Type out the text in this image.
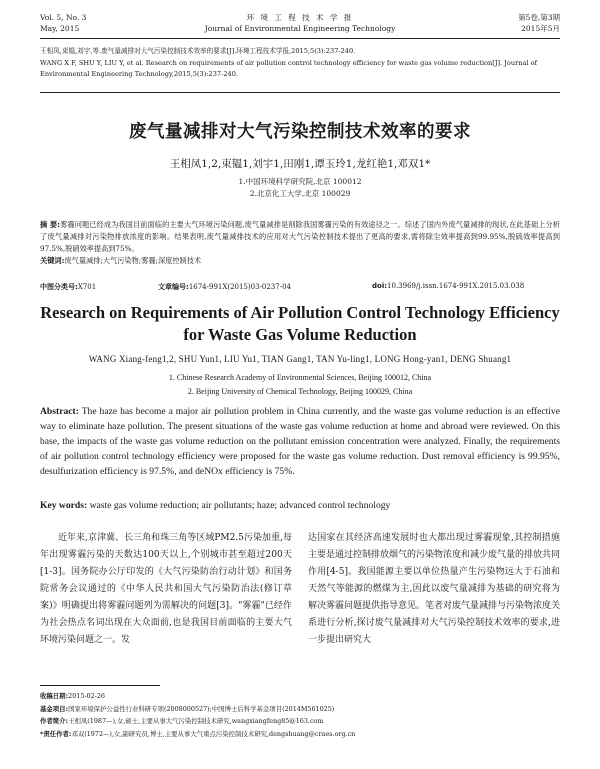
Vol. 5, No. 3
May, 2015
环 境 工 程 技 术 学 报
Journal of Environmental Engineering Technology
第5卷,第3期
2015年5月
王相凤,束韫,刘宇,等.废气量减排对大气污染控制技术效率的要求[J].环境工程技术学报,2015,5(3):237-240.
WANG X F, SHU Y, LIU Y, et al. Research on requirements of air pollution control technology efficiency for waste gas volume reduction[J]. Journal of Environmental Engineering Technology,2015,5(3):237-240.
废气量减排对大气污染控制技术效率的要求
王相凤1,2,束韫1,刘宇1,田刚1,谭玉玲1,龙红艳1,邓双1*
1.中国环境科学研究院,北京 100012
2.北京化工大学,北京 100029
摘 要:雾霾问题已经成为我国目前面临的主要大气环境污染问题,废气量减排是削除我国雾霾污染的有效途径之一。综述了国内外废气量减排的现状,在此基础上分析了废气量减排对污染物排放浓度的影响。结果表明,废气量减排技术的应用对大气污染控制技术提出了更高的要求,需将除尘效率提高到99.95%,脱硫效率提高到97.5%,脱硝效率提高到75%。
关键词:废气量减排;大气污染物;雾霾;深度控制技术
中图分类号:X701	文章编号:1674-991X(2015)03-0237-04	doi:10.3969/j.issn.1674-991X.2015.03.038
Research on Requirements of Air Pollution Control Technology Efficiency for Waste Gas Volume Reduction
WANG Xiang-feng1,2, SHU Yun1, LIU Yu1, TIAN Gang1, TAN Yu-ling1, LONG Hong-yan1, DENG Shuang1
1. Chinese Research Academy of Environmental Sciences, Beijing 100012, China
2. Beijing University of Chemical Technology, Beijing 100029, China
Abstract: The haze has become a major air pollution problem in China currently, and the waste gas volume reduction is an effective way to eliminate haze pollution. The present situations of the waste gas volume reduction at home and abroad were reviewed. On this base, the impacts of the waste gas volume reduction on the pollutant emission concentration were analyzed. Finally, the requirements of air pollution control technology efficiency were proposed for the waste gas volume reduction. Dust removal efficiency is 99.95%, desulfurization efficiency is 97.5%, and deNOx efficiency is 75%.
Key words: waste gas volume reduction; air pollutants; haze; advanced control technology

近年来,京津冀、长三角和珠三角等区域PM2.5污染加重,每年出现雾霾污染的天数达100天以上,个别城市甚至超过200天[1-3]。国务院办公厅印发的《大气污染防治行动计划》和国务院常务会议通过的《中华人民共和国大气污染防治法(修订草案)》明确提出将雾霾问题列为需解决的问题[3]。"雾霾"已经作为社会热点名词出现在大众面前,也是我国目前面临的主要大气环境污染问题之一。发

达国家在其经济高速发展时也大都出现过雾霾现象,其控制措施主要是通过控制排放烟气的污染物浓度和减少废气量的排放共同作用[4-5]。我国能源主要以单位热量产生污染物远大于石油和天然气等能源的燃煤为主,因此以废气量减排为基础的研究将为解决雾霾问题提供指导意见。笔者对废气量减排与污染物浓度关系进行分析,探讨废气量减排对大气污染控制技术效率的要求,进一步提出研究大

收稿日期:2015-02-26
基金项目:国家环境保护公益性行业科研专项(2008000527);中国博士后科学基金项目(2014M561025)
作者简介:王相凤(1987—),女,硕士,主要从事大气污染控制技术研究,wangxiangfeng85@163.com
*责任作者:邓双(1972—),女,副研究员,博士,主要从事大气重点污染控制技术研究,dengshuang@craes.org.cn
